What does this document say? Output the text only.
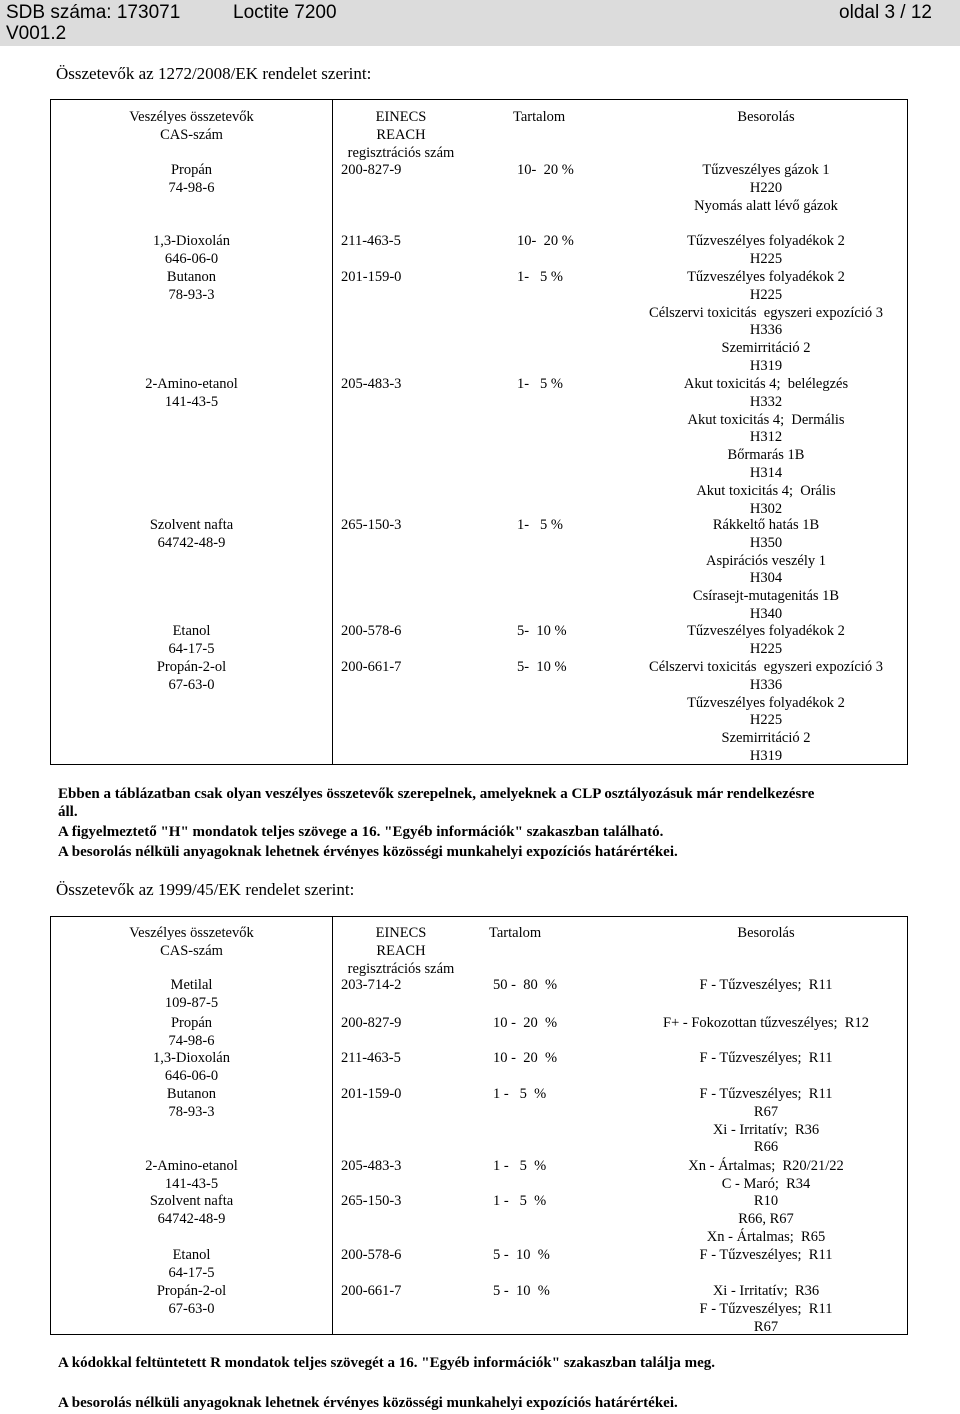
SDB száma: 173071	Loctite 7200	oldal 3 / 12
V001.2
Összetevők az 1272/2008/EK rendelet szerint:
Veszélyes összetevők
CAS-szám
EINECS
REACH
regisztrációs szám
Tartalom	Besorolás
Propán
74-98-6
200-827-9	10-  20 %	Tűzveszélyes gázok 1
H220
Nyomás alatt lévő gázok
1,3-Dioxolán
646-06-0
211-463-5	10-  20 %	Tűzveszélyes folyadékok 2
H225
Butanon
78-93-3
201-159-0	1-   5 %	Tűzveszélyes folyadékok 2
H225
Célszervi toxicitás  egyszeri expozíció 3
H336
Szemirritáció 2
H319
2-Amino-etanol
141-43-5
205-483-3	1-   5 %	Akut toxicitás 4;  belélegzés
H332
Akut toxicitás 4;  Dermális
H312
Bőrmarás 1B
H314
Akut toxicitás 4;  Orális
H302
Szolvent nafta
64742-48-9
265-150-3	1-   5 %	Rákkeltő hatás 1B
H350
Aspirációs veszély 1
H304
Csírasejt-mutagenitás 1B
H340
Etanol
64-17-5
200-578-6	5-  10 %	Tűzveszélyes folyadékok 2
H225
Propán-2-ol
67-63-0
200-661-7	5-  10 %	Célszervi toxicitás  egyszeri expozíció 3
H336
Tűzveszélyes folyadékok 2
H225
Szemirritáció 2
H319
Ebben a táblázatban csak olyan veszélyes összetevők szerepelnek, amelyeknek a CLP osztályozásuk már rendelkezésre
áll.
A figyelmeztető "H" mondatok teljes szövege a 16. "Egyéb információk" szakaszban található.
A besorolás nélküli anyagoknak lehetnek érvényes közösségi munkahelyi expozíciós határértékei.
Összetevők az 1999/45/EK rendelet szerint:
Veszélyes összetevők
CAS-szám
EINECS
REACH
regisztrációs szám
Tartalom	Besorolás
Metilal
109-87-5
203-714-2	50 -  80  %	F - Tűzveszélyes;  R11
Propán
74-98-6
200-827-9	10 -  20  %	F+ - Fokozottan tűzveszélyes;  R12
1,3-Dioxolán
646-06-0
211-463-5	10 -  20  %	F - Tűzveszélyes;  R11
Butanon
78-93-3
201-159-0	1 -   5  %	F - Tűzveszélyes;  R11
R67
Xi - Irritatív;  R36
R66
2-Amino-etanol
141-43-5
205-483-3	1 -   5  %	Xn - Ártalmas;  R20/21/22
C - Maró;  R34
Szolvent nafta
64742-48-9
265-150-3	1 -   5  %	R10
R66, R67
Xn - Ártalmas;  R65
Etanol
64-17-5
200-578-6	5 -  10  %	F - Tűzveszélyes;  R11
Propán-2-ol
67-63-0
200-661-7	5 -  10  %	Xi - Irritatív;  R36
F - Tűzveszélyes;  R11
R67
A kódokkal feltüntetett R mondatok teljes szövegét a 16. "Egyéb információk" szakaszban találja meg.
A besorolás nélküli anyagoknak lehetnek érvényes közösségi munkahelyi expozíciós határértékei.
